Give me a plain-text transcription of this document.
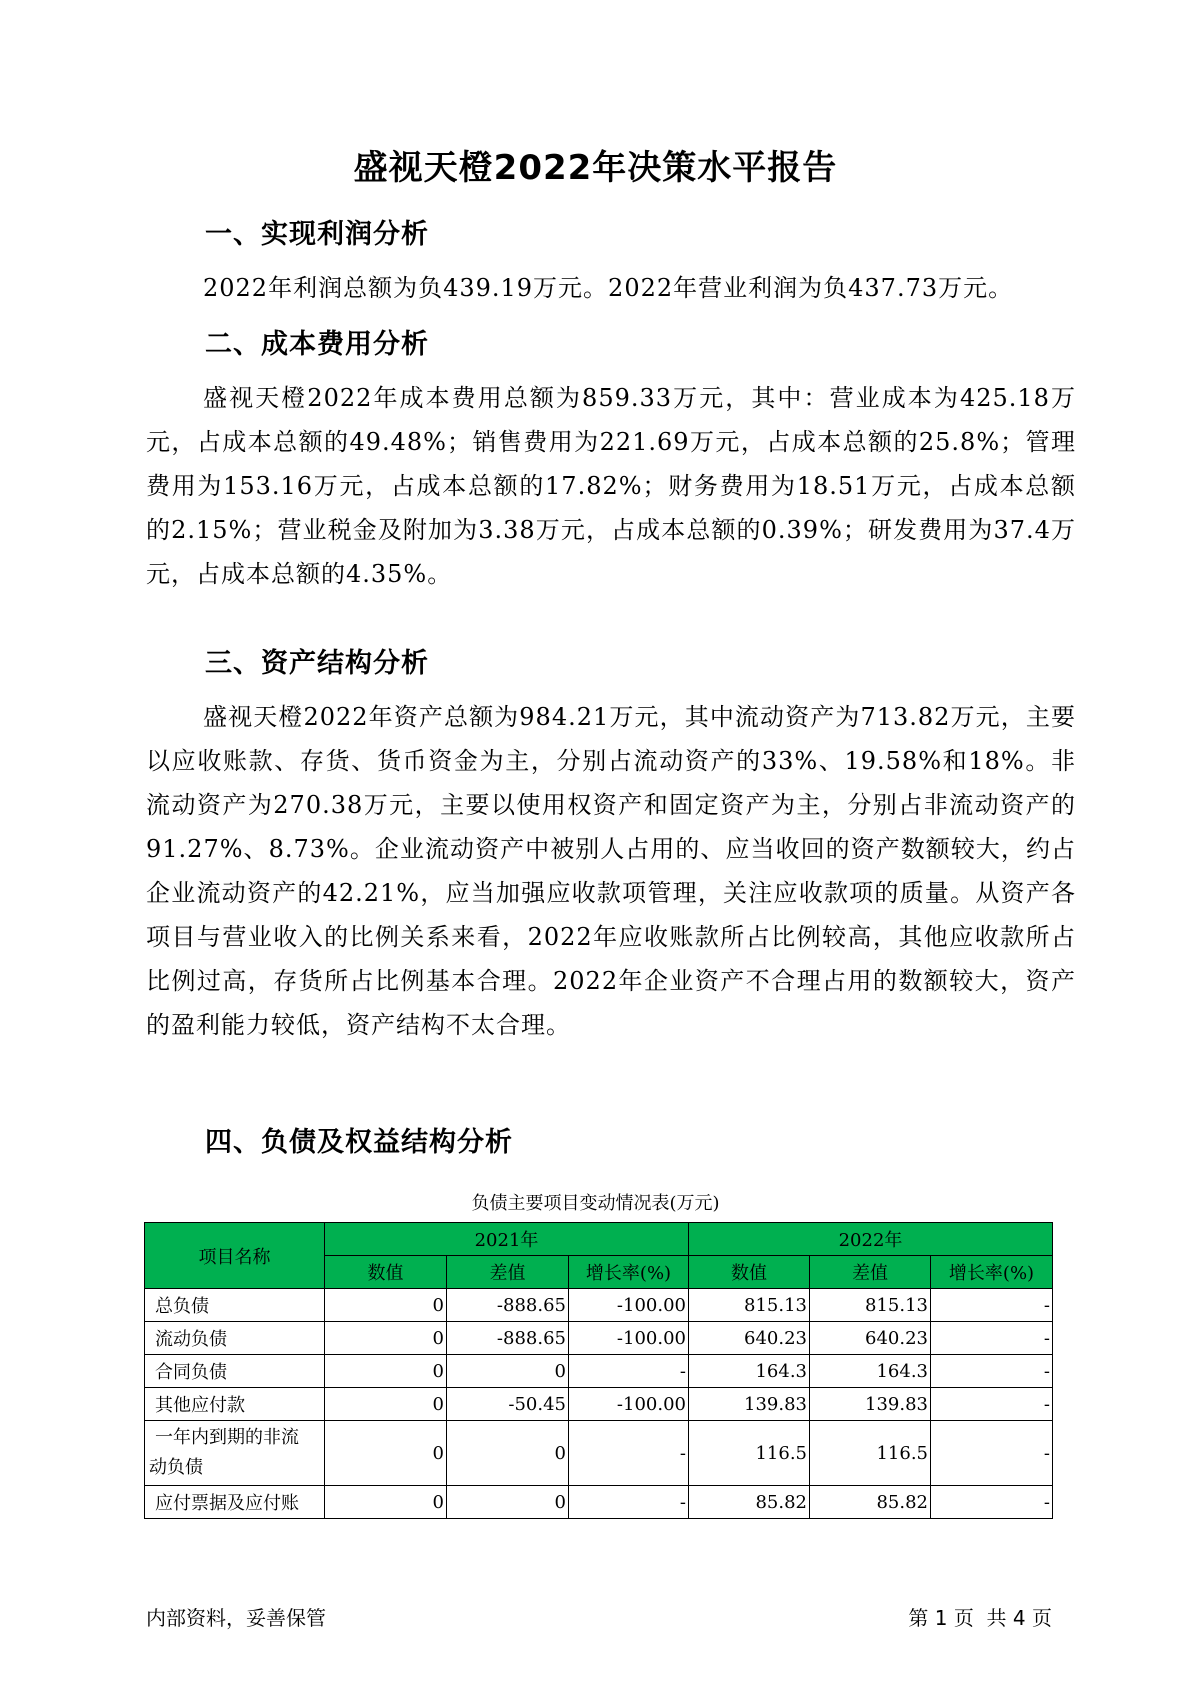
盛视天橙2022年决策水平报告
一、实现利润分析

2022年利润总额为负439.19万元。2022年营业利润为负437.73万元。

二、成本费用分析

盛视天橙2022年成本费用总额为859.33万元，其中：营业成本为425.18万元，占成本总额的49.48%；销售费用为221.69万元，占成本总额的25.8%；管理费用为153.16万元，占成本总额的17.82%；财务费用为18.51万元，占成本总额的2.15%；营业税金及附加为3.38万元，占成本总额的0.39%；研发费用为37.4万元，占成本总额的4.35%。

三、资产结构分析

盛视天橙2022年资产总额为984.21万元，其中流动资产为713.82万元，主要以应收账款、存货、货币资金为主，分别占流动资产的33%、19.58%和18%。非流动资产为270.38万元，主要以使用权资产和固定资产为主，分别占非流动资产的91.27%、8.73%。企业流动资产中被别人占用的、应当收回的资产数额较大，约占企业流动资产的42.21%，应当加强应收款项管理，关注应收款项的质量。从资产各项目与营业收入的比例关系来看，2022年应收账款所占比例较高，其他应收款所占比例过高，存货所占比例基本合理。2022年企业资产不合理占用的数额较大，资产的盈利能力较低，资产结构不太合理。

四、负债及权益结构分析
负债主要项目变动情况表(万元)
项目名称	2021年			2022年		
	数值	差值	增长率(%)	数值	差值	增长率(%)
总负债	0	-888.65	-100.00	815.13	815.13	-
流动负债	0	-888.65	-100.00	640.23	640.23	-
合同负债	0	0	-	164.3	164.3	-
其他应付款	0	-50.45	-100.00	139.83	139.83	-

一年内到期的非流
动负债	0	0	-	116.5	116.5	-
应付票据及应付账	0	0	-	85.82	85.82	-
内部资料，妥善保管	第 1 页  共 4 页
